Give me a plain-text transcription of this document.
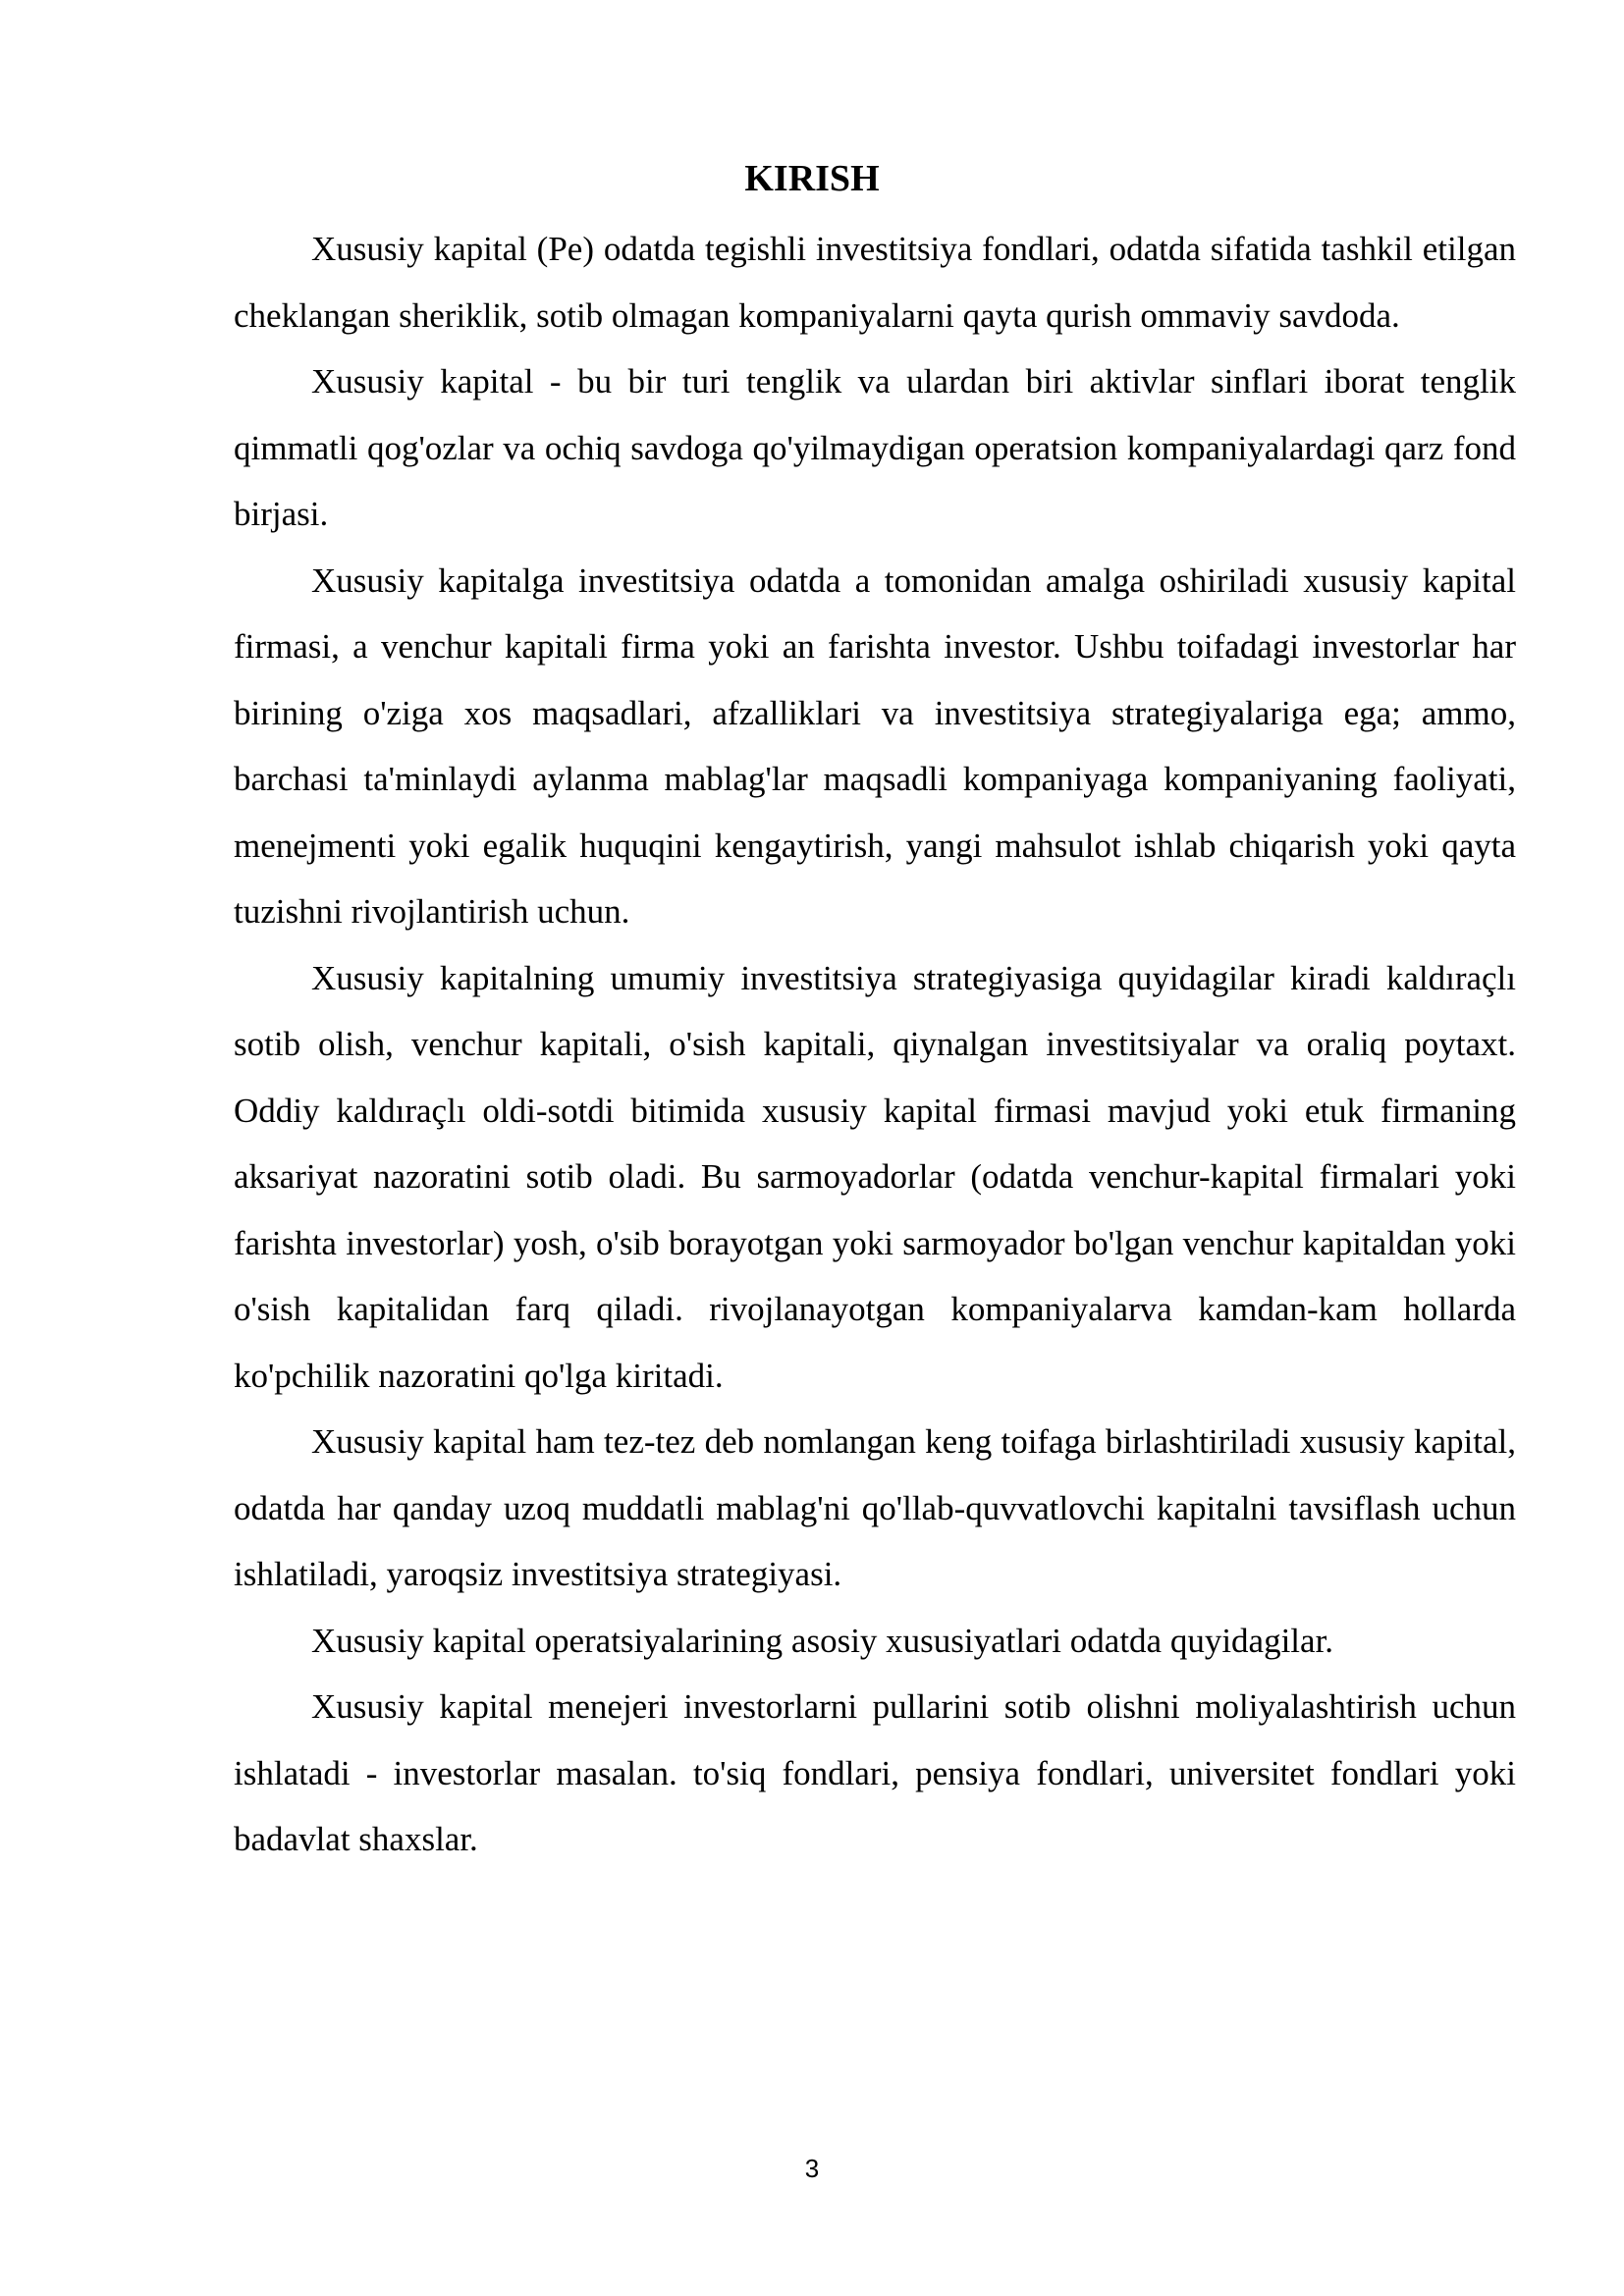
KIRISH

Xususiy kapital (Pe) odatda tegishli investitsiya fondlari, odatda sifatida tashkil etilgan cheklangan sheriklik, sotib olmagan kompaniyalarni qayta qurish ommaviy savdoda.

Xususiy kapital - bu bir turi tenglik va ulardan biri aktivlar sinflari iborat tenglik qimmatli qog'ozlar va ochiq savdoga qo'yilmaydigan operatsion kompaniyalardagi qarz fond birjasi.

Xususiy kapitalga investitsiya odatda a tomonidan amalga oshiriladi xususiy kapital firmasi, a venchur kapitali firma yoki an farishta investor. Ushbu toifadagi investorlar har birining o'ziga xos maqsadlari, afzalliklari va investitsiya strategiyalariga ega; ammo, barchasi ta'minlaydi aylanma mablag'lar maqsadli kompaniyaga kompaniyaning faoliyati, menejmenti yoki egalik huquqini kengaytirish, yangi mahsulot ishlab chiqarish yoki qayta tuzishni rivojlantirish uchun.

Xususiy kapitalning umumiy investitsiya strategiyasiga quyidagilar kiradi kaldıraçlı sotib olish, venchur kapitali, o'sish kapitali, qiynalgan investitsiyalar va oraliq poytaxt. Oddiy kaldıraçlı oldi-sotdi bitimida xususiy kapital firmasi mavjud yoki etuk firmaning aksariyat nazoratini sotib oladi. Bu sarmoyadorlar (odatda venchur-kapital firmalari yoki farishta investorlar) yosh, o'sib borayotgan yoki sarmoyador bo'lgan venchur kapitaldan yoki o'sish kapitalidan farq qiladi. rivojlanayotgan kompaniyalarva kamdan-kam hollarda ko'pchilik nazoratini qo'lga kiritadi.

Xususiy kapital ham tez-tez deb nomlangan keng toifaga birlashtiriladi xususiy kapital, odatda har qanday uzoq muddatli mablag'ni qo'llab-quvvatlovchi kapitalni tavsiflash uchun ishlatiladi, yaroqsiz investitsiya strategiyasi.

Xususiy kapital operatsiyalarining asosiy xususiyatlari odatda quyidagilar.

Xususiy kapital menejeri investorlarni pullarini sotib olishni moliyalashtirish uchun ishlatadi - investorlar masalan. to'siq fondlari, pensiya fondlari, universitet fondlari yoki badavlat shaxslar.

3
